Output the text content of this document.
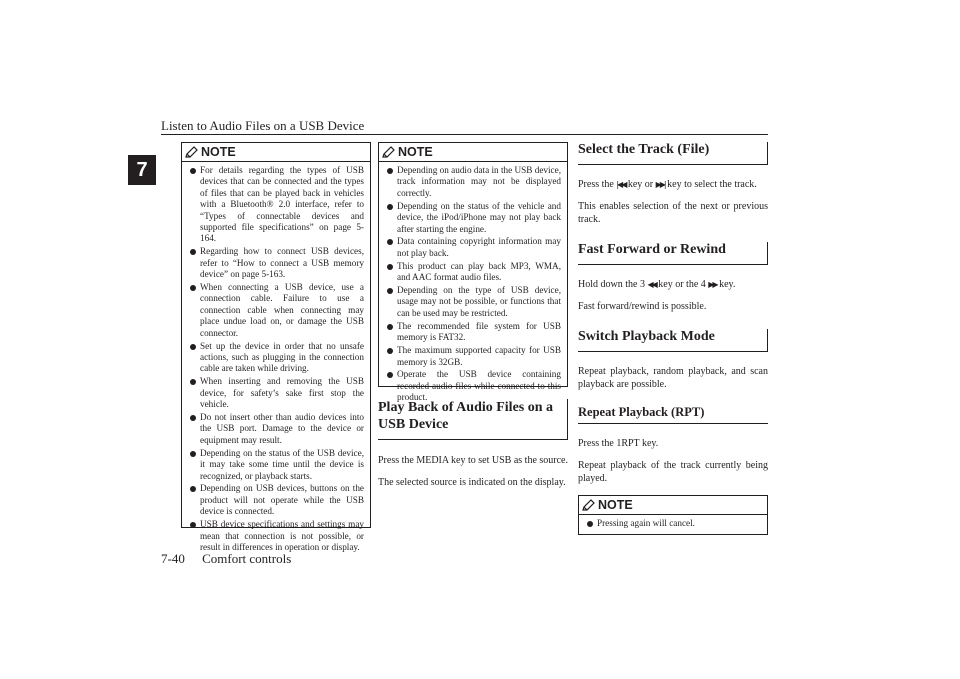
Listen to Audio Files on a USB Device
7
NOTE
For details regarding the types of USB devices that can be connected and the types of files that can be played back in vehicles with a Bluetooth® 2.0 interface, refer to “Types of connectable devices and supported file specifications” on page 5-164.
Regarding how to connect USB devices, refer to “How to connect a USB memory device” on page 5-163.
When connecting a USB device, use a connection cable. Failure to use a connection cable when connecting may place undue load on, or damage the USB connector.
Set up the device in order that no unsafe actions, such as plugging in the connection cable are taken while driving.
When inserting and removing the USB device, for safety’s sake first stop the vehicle.
Do not insert other than audio devices into the USB port. Damage to the device or equipment may result.
Depending on the status of the USB device, it may take some time until the device is recognized, or playback starts.
Depending on USB devices, buttons on the product will not operate while the USB device is connected.
USB device specifications and settings may mean that connection is not possible, or result in differences in operation or display.
NOTE
Depending on audio data in the USB device, track information may not be displayed correctly.
Depending on the status of the vehicle and device, the iPod/iPhone may not play back after starting the engine.
Data containing copyright information may not play back.
This product can play back MP3, WMA, and AAC format audio files.
Depending on the type of USB device, usage may not be possible, or functions that can be used may be restricted.
The recommended file system for USB memory is FAT32.
The maximum supported capacity for USB memory is 32GB.
Operate the USB device containing recorded audio files while connected to this product.
Play Back of Audio Files on a USB Device

Press the MEDIA key to set USB as the source.

The selected source is indicated on the display.

Select the Track (File)

Press the |◀◀ key or ▶▶| key to select the track.

This enables selection of the next or previous track.

Fast Forward or Rewind

Hold down the 3 ◀◀ key or the 4 ▶▶ key.

Fast forward/rewind is possible.

Switch Playback Mode

Repeat playback, random playback, and scan playback are possible.

Repeat Playback (RPT)

Press the 1RPT key.

Repeat playback of the track currently being played.

NOTE
Pressing again will cancel.
7-40 Comfort controls
